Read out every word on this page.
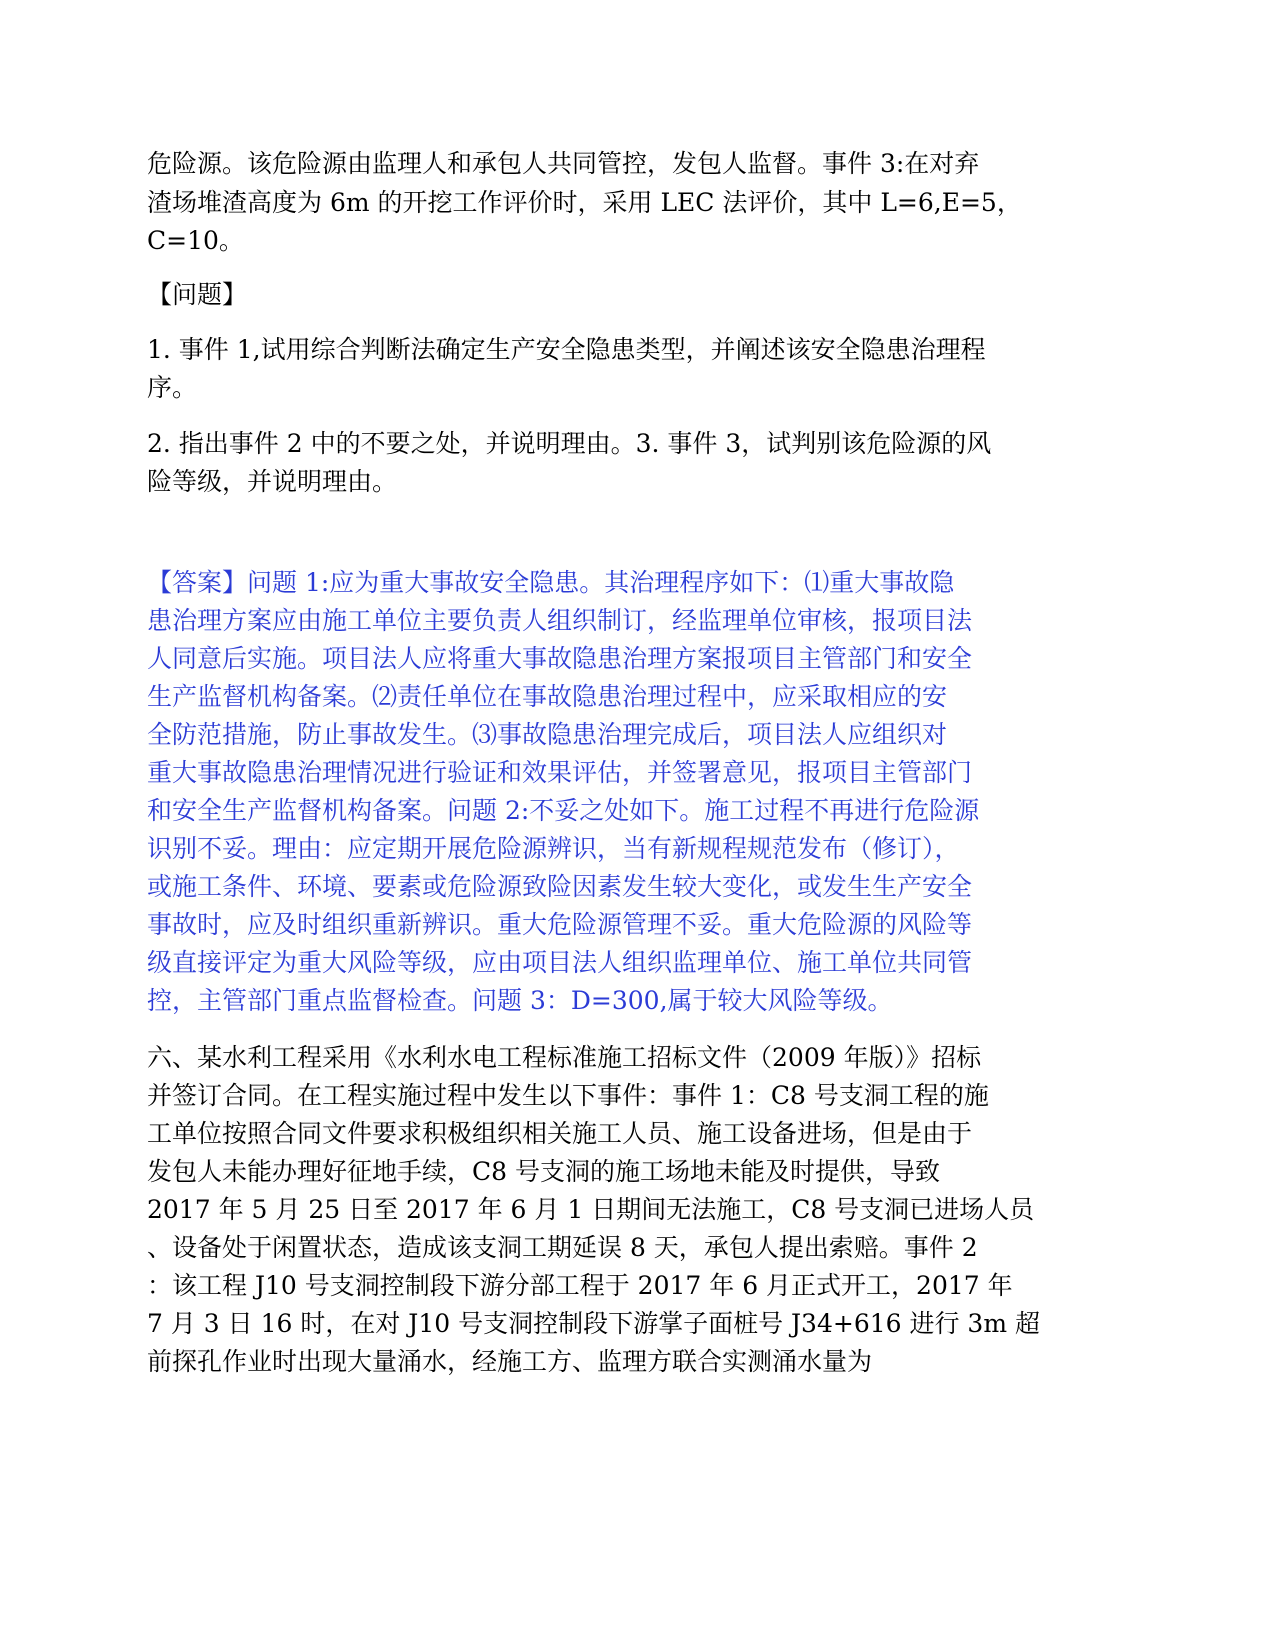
危险源。该危险源由监理人和承包人共同管控，发包人监督。事件 3:在对弃
渣场堆渣高度为 6m 的开挖工作评价时，采用 LEC 法评价，其中 L=6,E=5，
C=10。
【问题】
1. 事件 1,试用综合判断法确定生产安全隐患类型，并阐述该安全隐患治理程
序。
2. 指出事件 2 中的不要之处，并说明理由。3. 事件 3，试判别该危险源的风
险等级，并说明理由。
【答案】问题 1:应为重大事故安全隐患。其治理程序如下：⑴重大事故隐
患治理方案应由施工单位主要负责人组织制订，经监理单位审核，报项目法
人同意后实施。项目法人应将重大事故隐患治理方案报项目主管部门和安全
生产监督机构备案。⑵责任单位在事故隐患治理过程中，应采取相应的安
全防范措施，防止事故发生。⑶事故隐患治理完成后，项目法人应组织对
重大事故隐患治理情况进行验证和效果评估，并签署意见，报项目主管部门
和安全生产监督机构备案。问题 2:不妥之处如下。施工过程不再进行危险源
识别不妥。理由：应定期开展危险源辨识，当有新规程规范发布（修订），
或施工条件、环境、要素或危险源致险因素发生较大变化，或发生生产安全
事故时，应及时组织重新辨识。重大危险源管理不妥。重大危险源的风险等
级直接评定为重大风险等级，应由项目法人组织监理单位、施工单位共同管
控，主管部门重点监督检查。问题 3：D=300,属于较大风险等级。
六、某水利工程采用《水利水电工程标准施工招标文件（2009 年版）》招标
并签订合同。在工程实施过程中发生以下事件：事件 1：C8 号支洞工程的施
工单位按照合同文件要求积极组织相关施工人员、施工设备进场，但是由于
发包人未能办理好征地手续，C8 号支洞的施工场地未能及时提供，导致
2017 年 5 月 25 日至 2017 年 6 月 1 日期间无法施工，C8 号支洞已进场人员
、设备处于闲置状态，造成该支洞工期延误 8 天，承包人提出索赔。事件 2
：该工程 J10 号支洞控制段下游分部工程于 2017 年 6 月正式开工，2017 年
7 月 3 日 16 时，在对 J10 号支洞控制段下游掌子面桩号 J34+616 进行 3m 超
前探孔作业时出现大量涌水，经施工方、监理方联合实测涌水量为
